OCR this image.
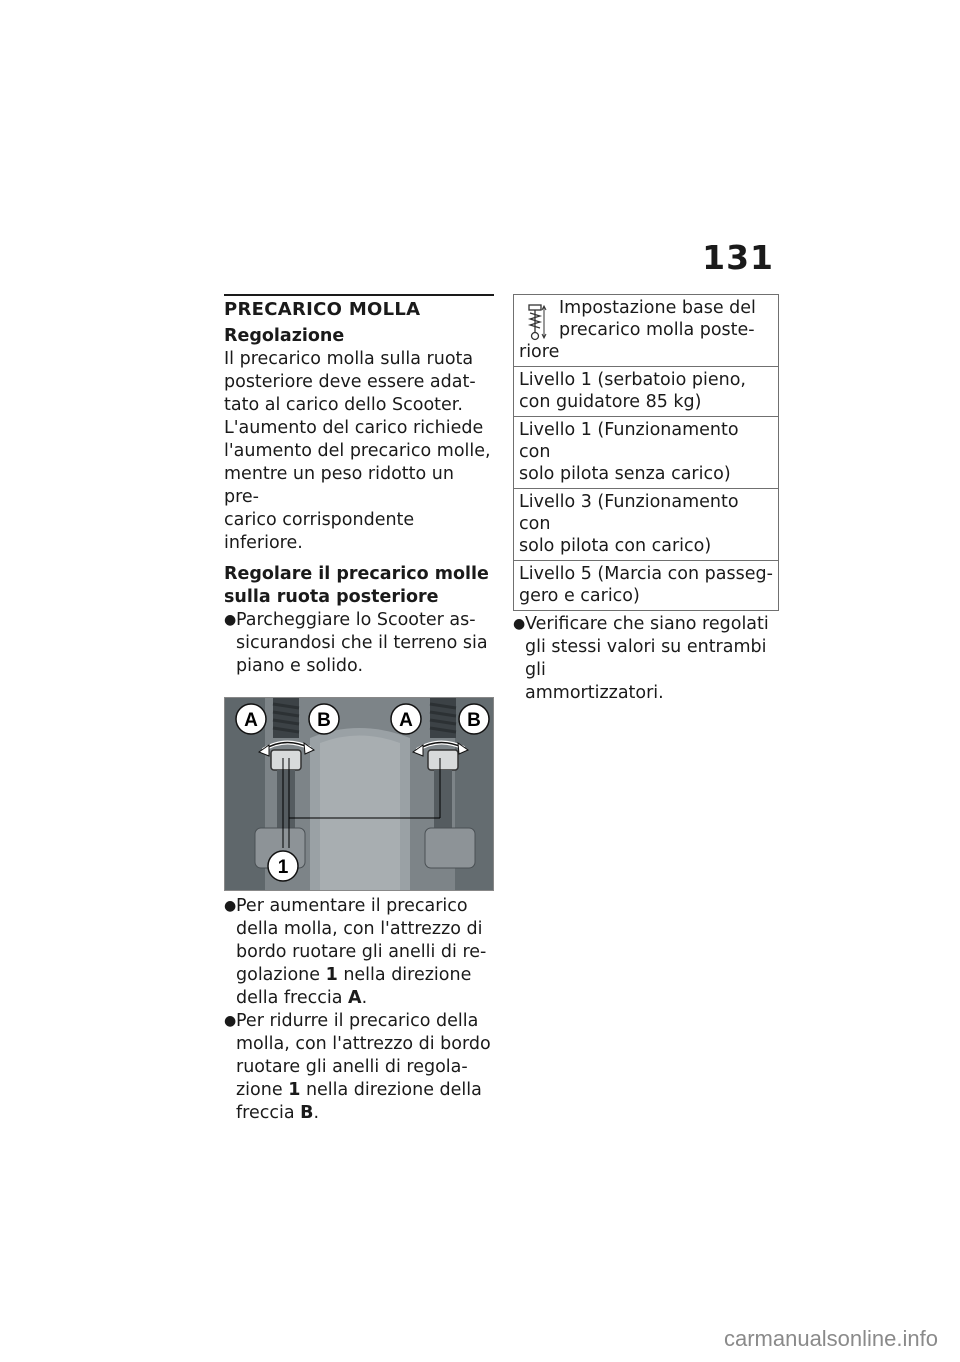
131
PRECARICO MOLLA
Regolazione
Il precarico molla sulla ruota
posteriore deve essere adat-
tato al carico dello Scooter.
L'aumento del carico richiede
l'aumento del precarico molle,
mentre un peso ridotto un pre-
carico corrispondente inferiore.
Regolare il precarico molle
sulla ruota posteriore
● Parcheggiare lo Scooter as-
sicurandosi che il terreno sia
piano e solido.
A	B	A	B
1
● Per aumentare il precarico
della molla, con l'attrezzo di
bordo ruotare gli anelli di re-
golazione 1 nella direzione
della freccia A.
● Per ridurre il precarico della
molla, con l'attrezzo di bordo
ruotare gli anelli di regola-
zione 1 nella direzione della
freccia B.
Impostazione base del
precarico molla poste-
riore

Livello 1 (serbatoio pieno,
con guidatore 85 kg)

Livello 1 (Funzionamento con
solo pilota senza carico)

Livello 3 (Funzionamento con
solo pilota con carico)

Livello 5 (Marcia con passeg-
gero e carico)
● Verificare che siano regolati
gli stessi valori su entrambi gli
ammortizzatori.
carmanualsonline.info
